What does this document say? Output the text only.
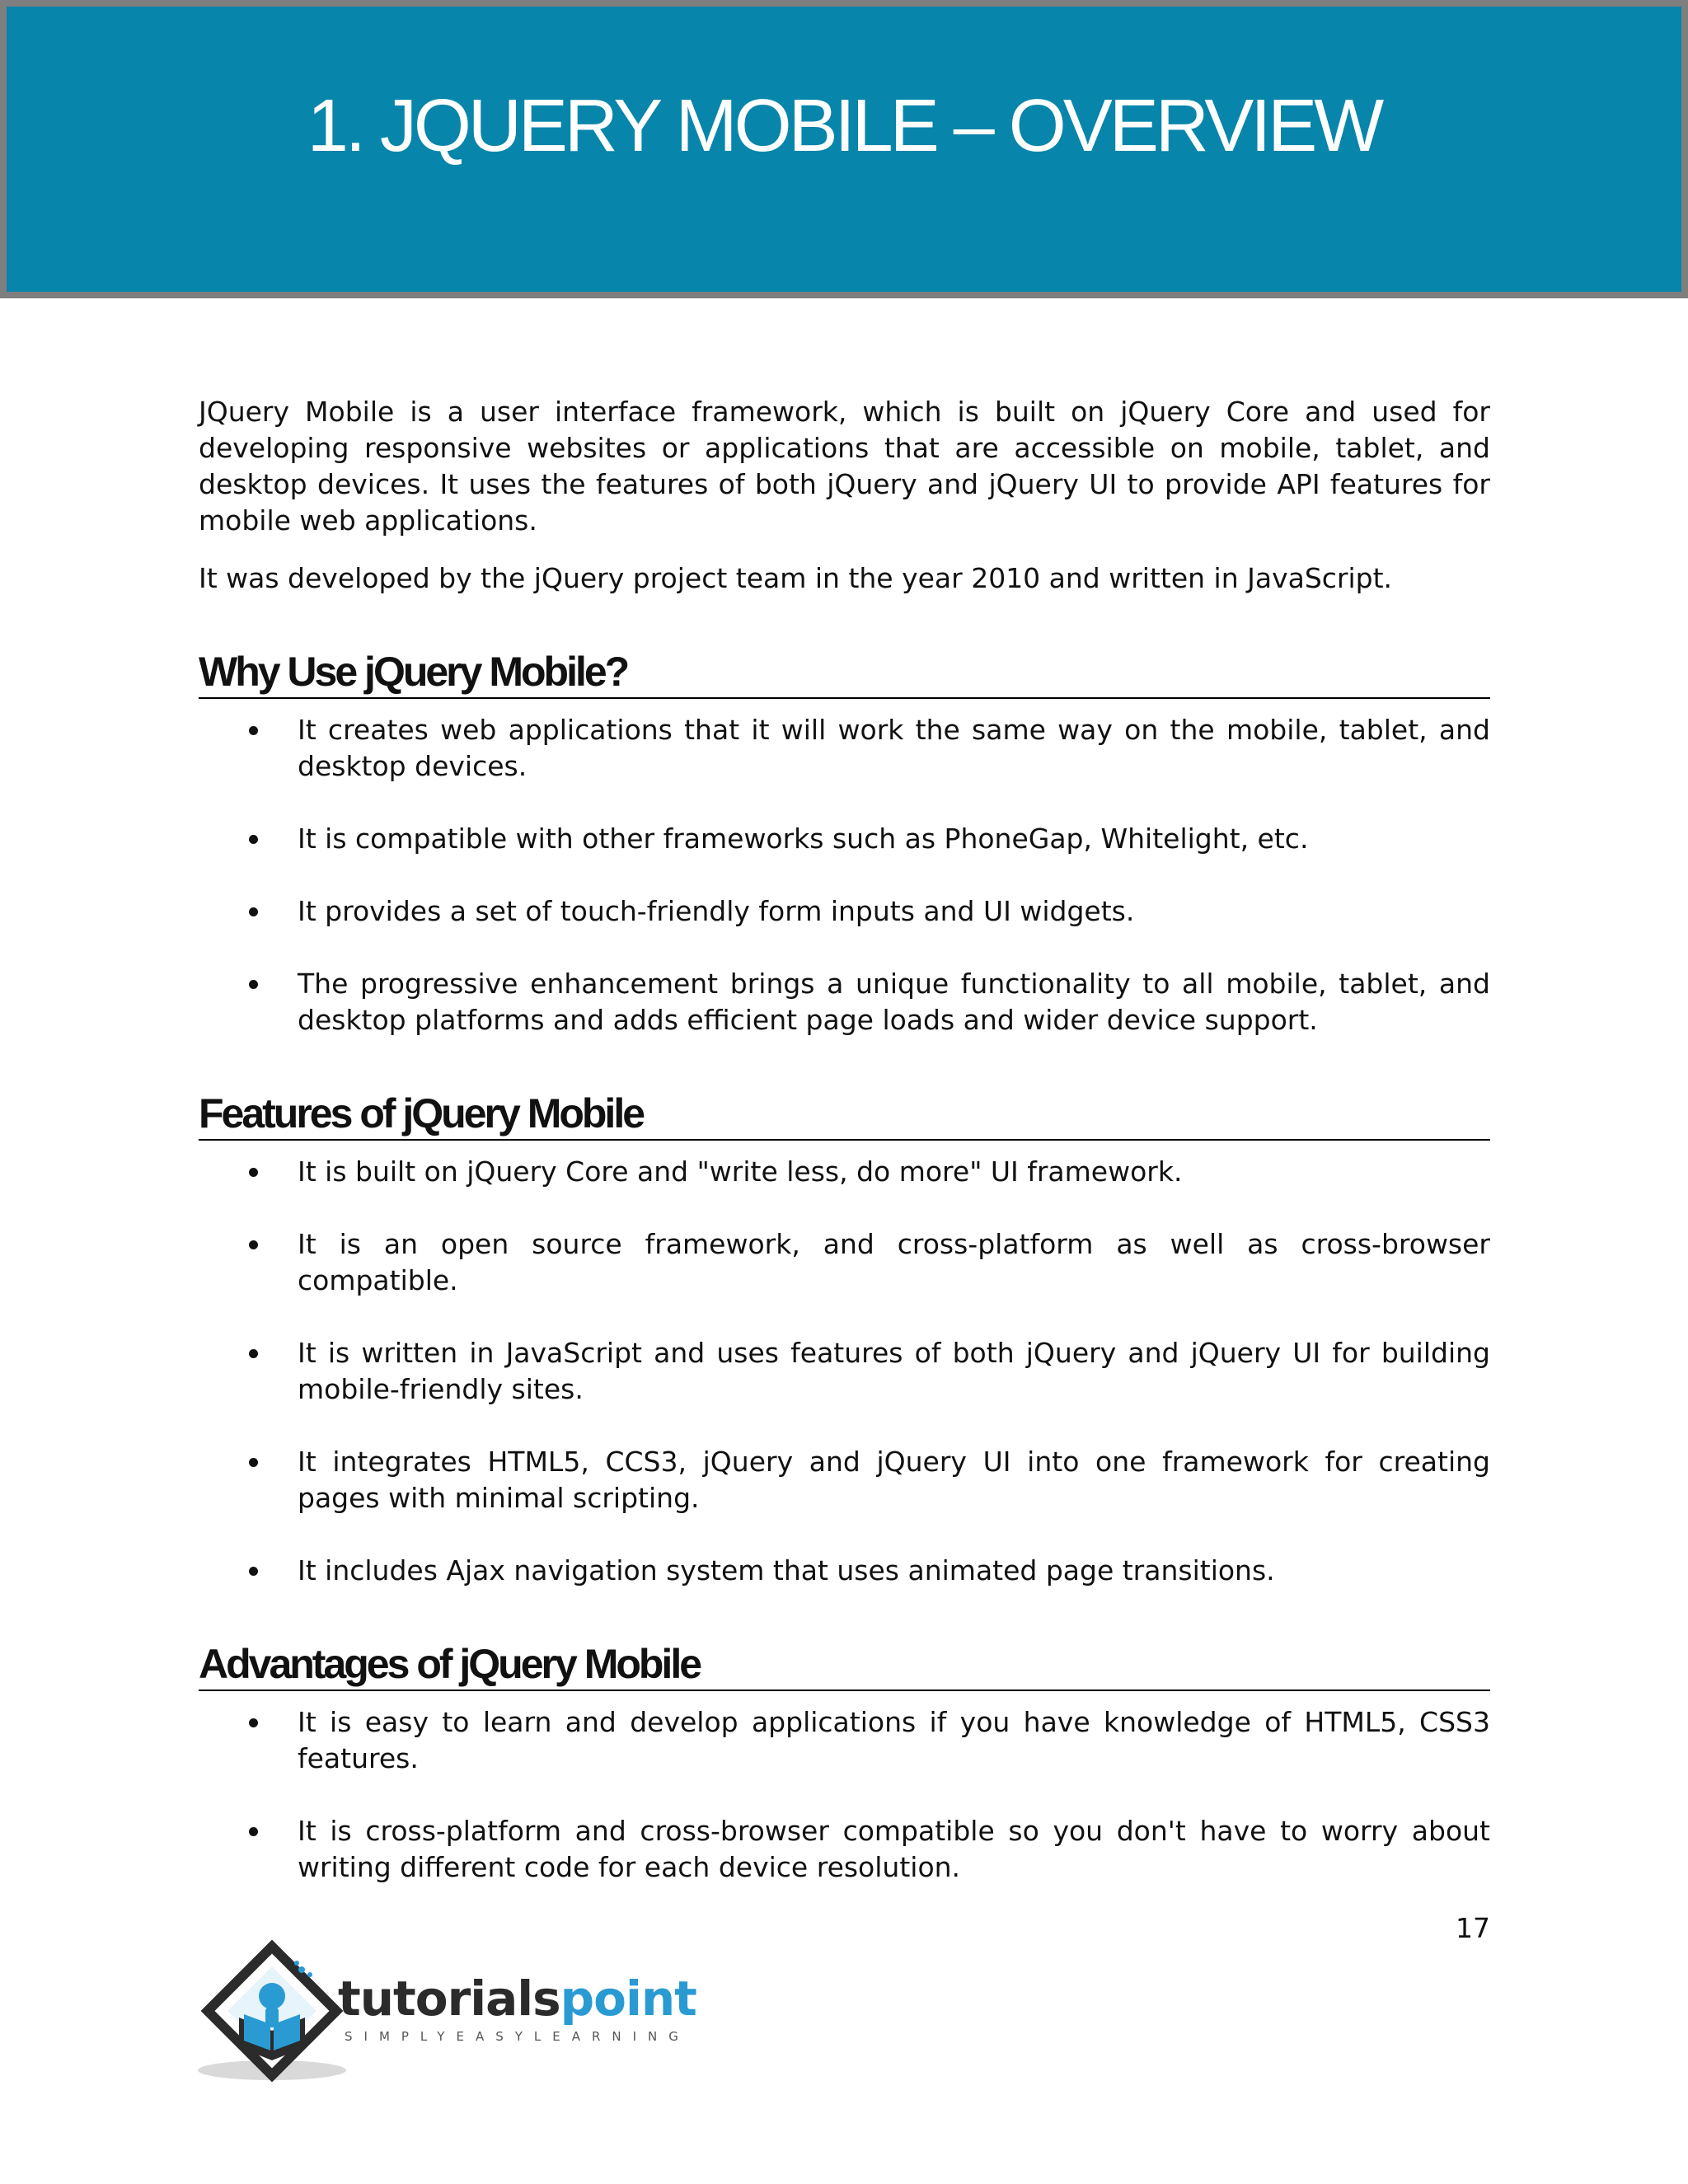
1. JQUERY MOBILE – OVERVIEW

JQuery Mobile is a user interface framework, which is built on jQuery Core and used for developing responsive websites or applications that are accessible on mobile, tablet, and desktop devices. It uses the features of both jQuery and jQuery UI to provide API features for mobile web applications.

It was developed by the jQuery project team in the year 2010 and written in JavaScript.

Why Use jQuery Mobile?
It creates web applications that it will work the same way on the mobile, tablet, and desktop devices.
It is compatible with other frameworks such as PhoneGap, Whitelight, etc.
It provides a set of touch-friendly form inputs and UI widgets.
The progressive enhancement brings a unique functionality to all mobile, tablet, and desktop platforms and adds efficient page loads and wider device support.
Features of jQuery Mobile
It is built on jQuery Core and "write less, do more" UI framework.
It is an open source framework, and cross-platform as well as cross-browser compatible.
It is written in JavaScript and uses features of both jQuery and jQuery UI for building mobile-friendly sites.
It integrates HTML5, CCS3, jQuery and jQuery UI into one framework for creating pages with minimal scripting.
It includes Ajax navigation system that uses animated page transitions.
Advantages of jQuery Mobile
It is easy to learn and develop applications if you have knowledge of HTML5, CSS3 features.
It is cross-platform and cross-browser compatible so you don't have to worry about writing different code for each device resolution.
17
tutorialspoint
SIMPLYEASYLEARNING
